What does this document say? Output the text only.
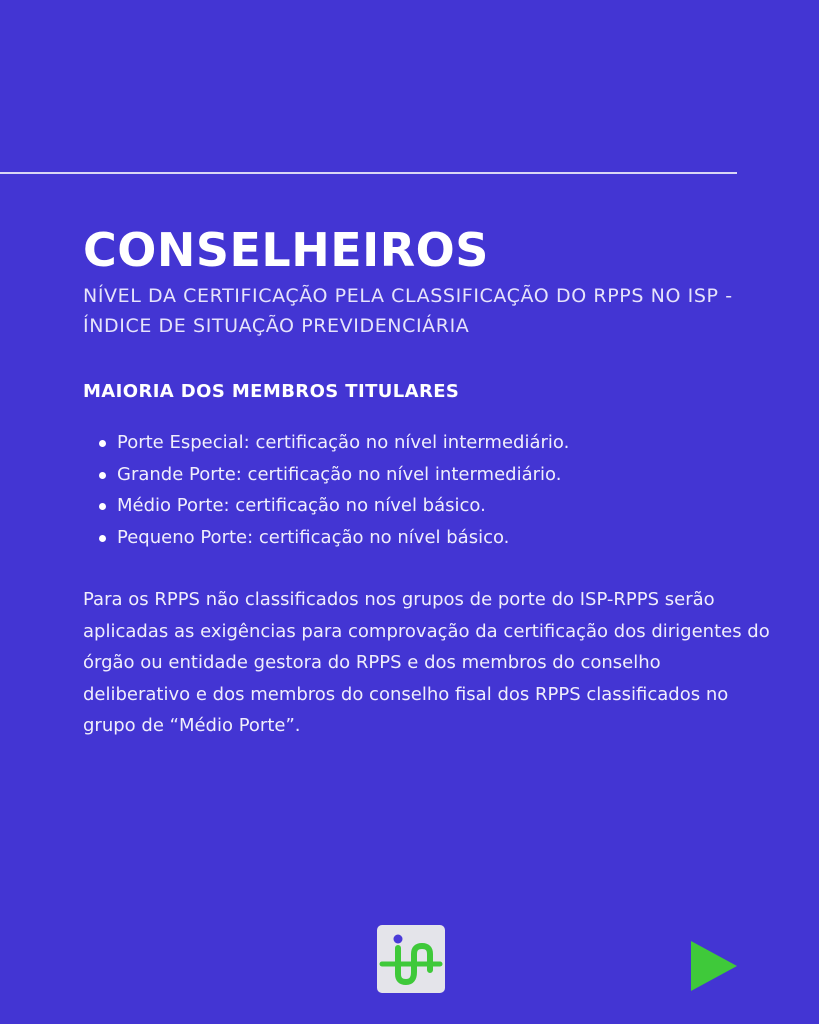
CONSELHEIROS

NÍVEL DA CERTIFICAÇÃO PELA CLASSIFICAÇÃO DO RPPS NO ISP - ÍNDICE DE SITUAÇÃO PREVIDENCIÁRIA

MAIORIA DOS MEMBROS TITULARES
Porte Especial: certificação no nível intermediário.
Grande Porte: certificação no nível intermediário.
Médio Porte: certificação no nível básico.
Pequeno Porte: certificação no nível básico.

Para os RPPS não classificados nos grupos de porte do ISP-RPPS serão aplicadas as exigências para comprovação da certificação dos dirigentes do órgão ou entidade gestora do RPPS e dos membros do conselho deliberativo e dos membros do conselho fisal dos RPPS classificados no grupo de “Médio Porte”.
